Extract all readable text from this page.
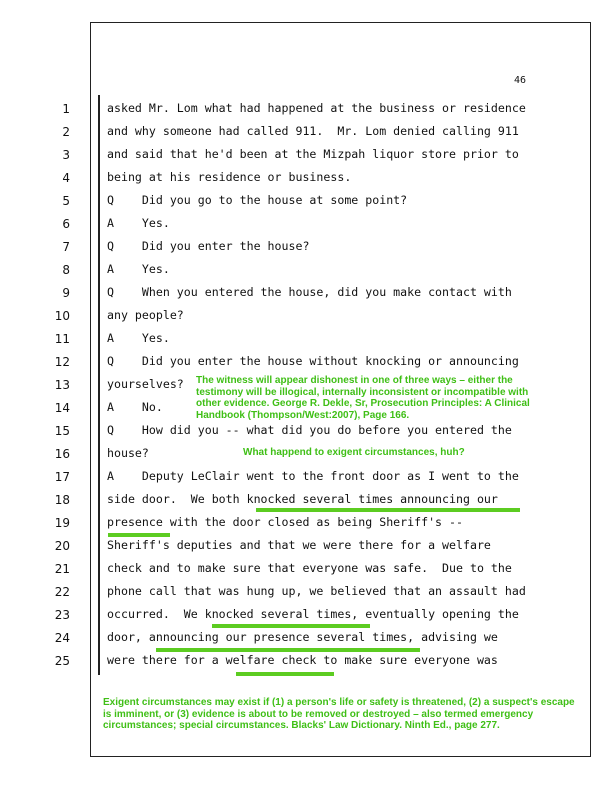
46
1	asked Mr. Lom what had happened at the business or residence
2	and why someone had called 911.  Mr. Lom denied calling 911
3	and said that he'd been at the Mizpah liquor store prior to
4	being at his residence or business.
5	Q    Did you go to the house at some point?
6	A    Yes.
7	Q    Did you enter the house?
8	A    Yes.
9	Q    When you entered the house, did you make contact with
10	any people?
11	A    Yes.
12	Q    Did you enter the house without knocking or announcing
13	yourselves?
14	A    No.
15	Q    How did you -- what did you do before you entered the
16	house?
17	A    Deputy LeClair went to the front door as I went to the
18	side door.  We both knocked several times announcing our
19	presence with the door closed as being Sheriff's --
20	Sheriff's deputies and that we were there for a welfare
21	check and to make sure that everyone was safe.  Due to the
22	phone call that was hung up, we believed that an assault had
23	occurred.  We knocked several times, eventually opening the
24	door, announcing our presence several times, advising we
25	were there for a welfare check to make sure everyone was
The witness will appear dishonest in one of three ways – either the testimony will be illogical, internally inconsistent or incompatible with other evidence. George R. Dekle, Sr, Prosecution Principles: A Clinical Handbook (Thompson/West:2007), Page 166.
What happend to exigent circumstances, huh?
Exigent circumstances may exist if (1) a person's life or safety is threatened, (2) a suspect's escape is imminent, or (3) evidence is about to be removed or destroyed – also termed emergency circumstances; special circumstances. Blacks' Law Dictionary. Ninth Ed., page 277.
